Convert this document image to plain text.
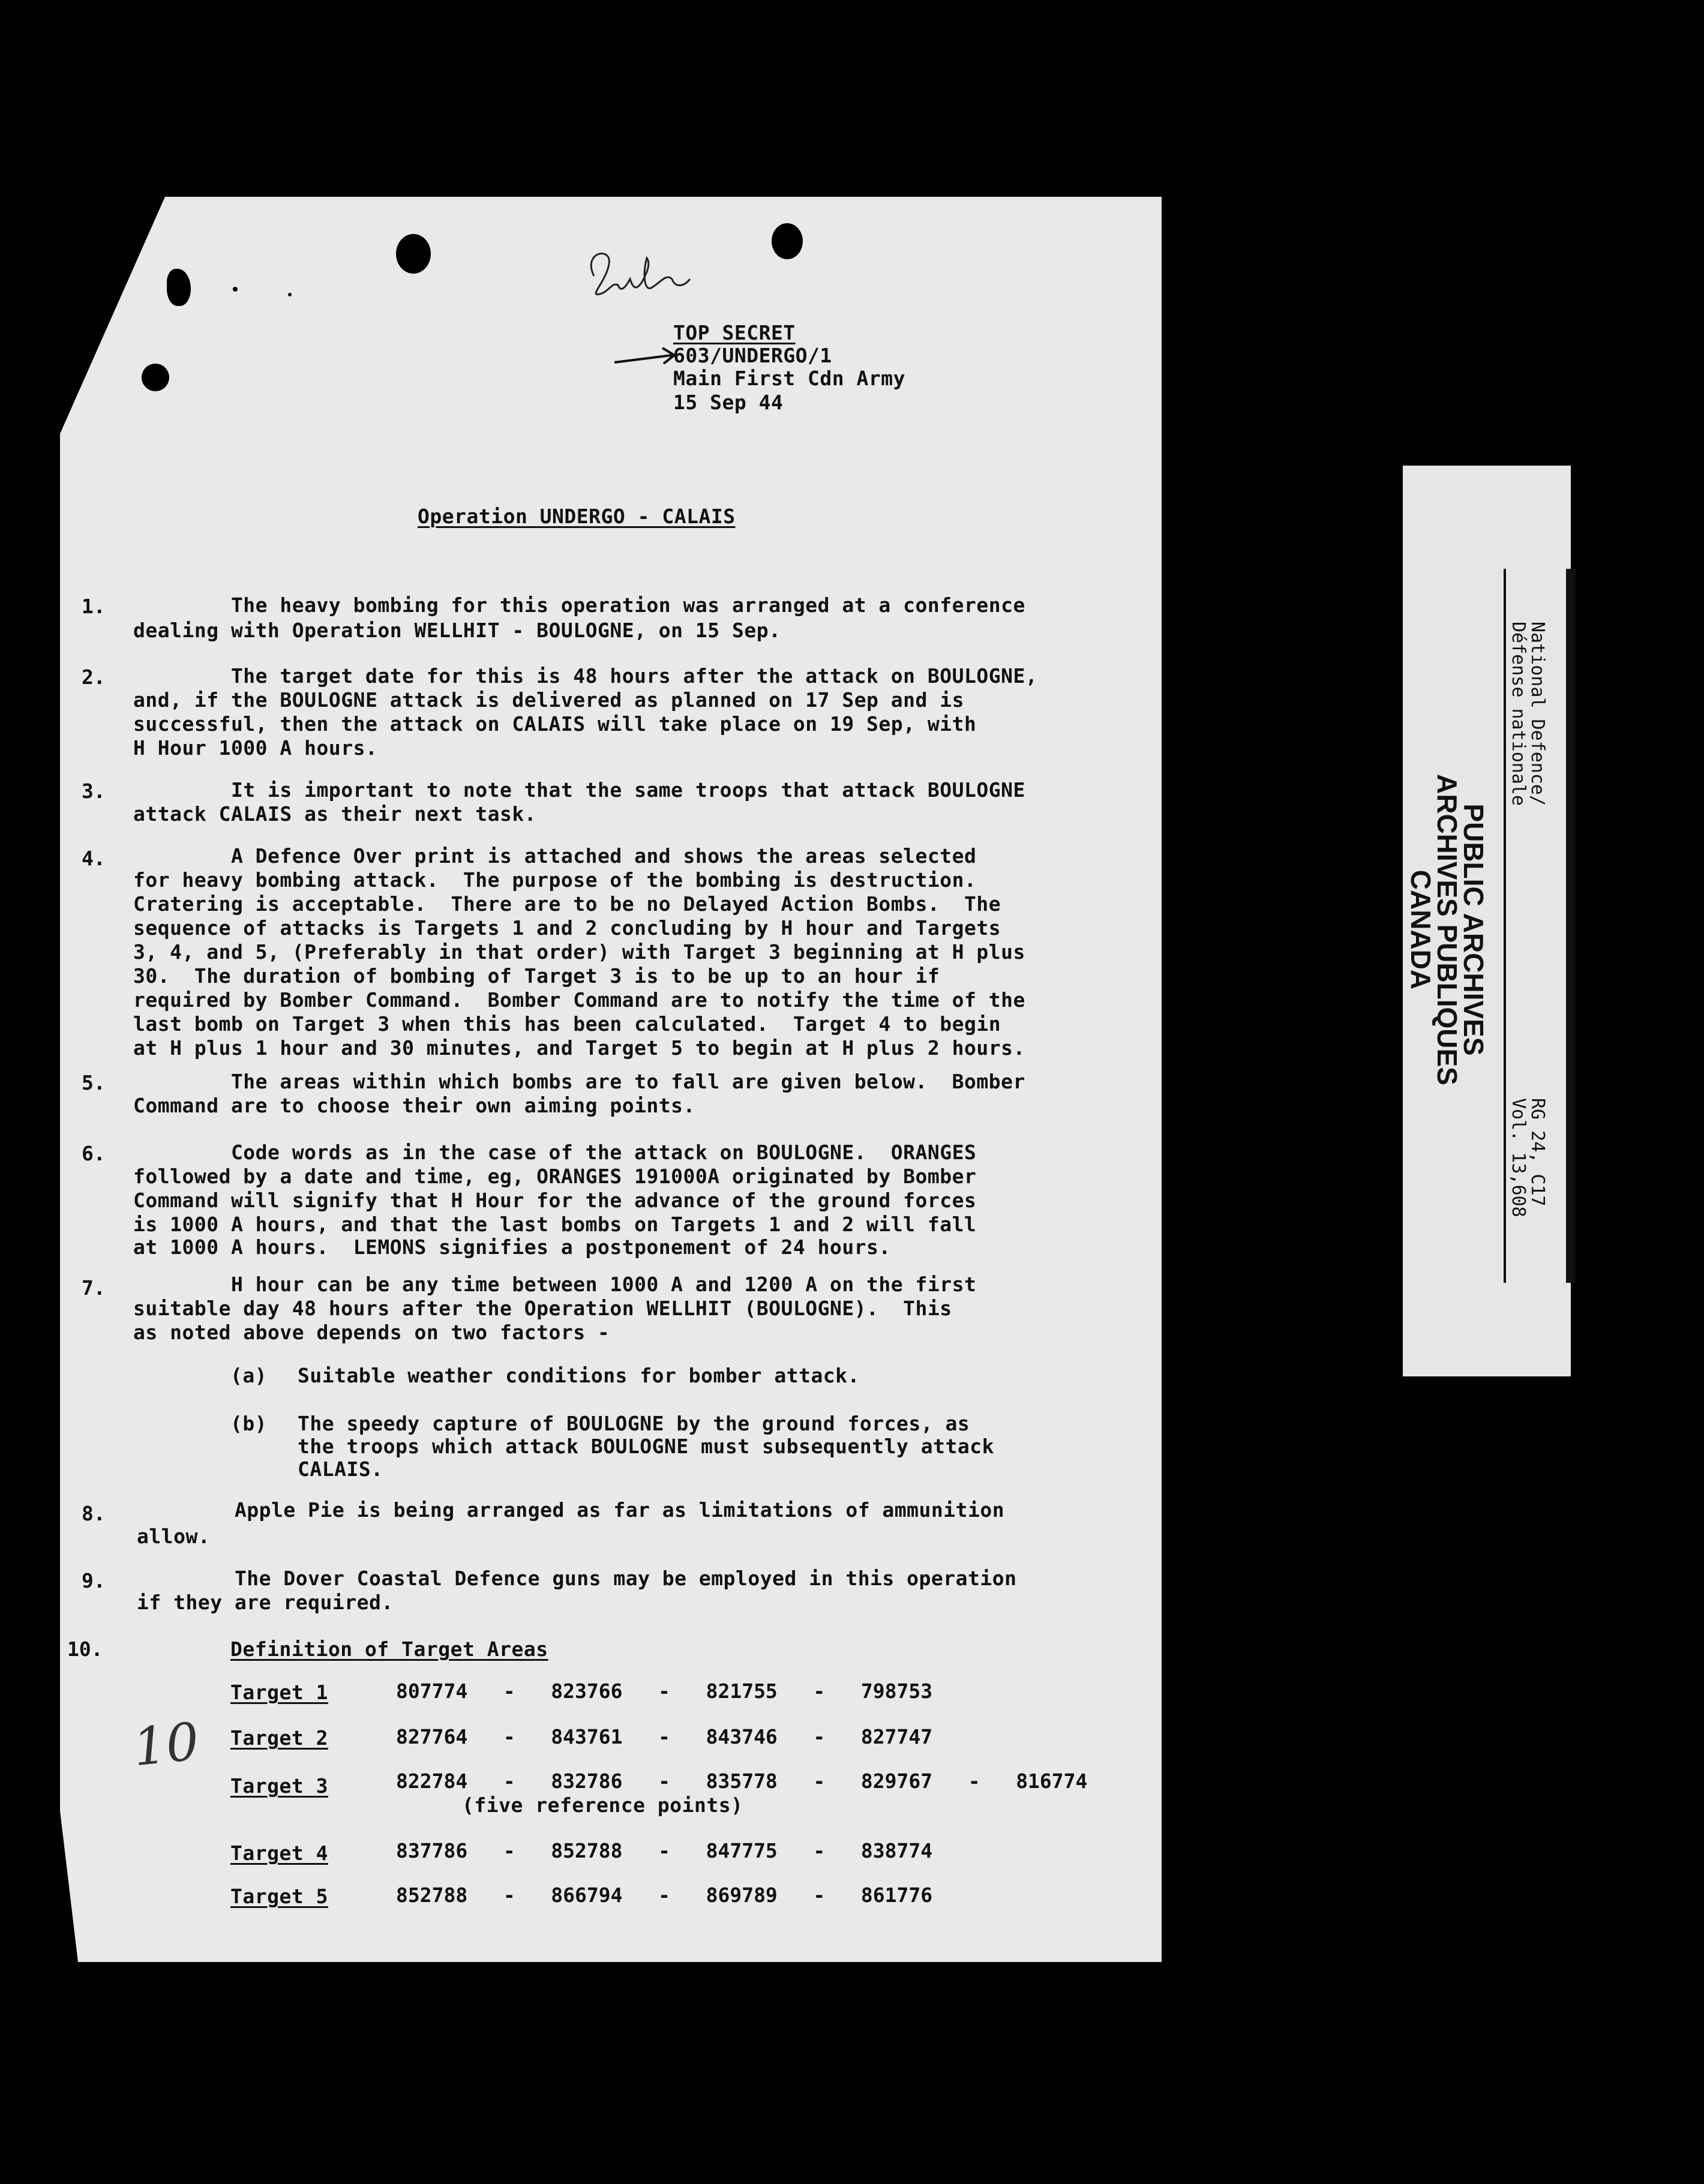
TOP SECRET
603/UNDERGO/1
Main First Cdn Army
15 Sep 44
Operation UNDERGO - CALAIS
1. The heavy bombing for this operation was arranged at a conference
dealing with Operation WELLHIT - BOULOGNE, on 15 Sep.
2. The target date for this is 48 hours after the attack on BOULOGNE,
and, if the BOULOGNE attack is delivered as planned on 17 Sep and is
successful, then the attack on CALAIS will take place on 19 Sep, with
H Hour 1000 A hours.
3. It is important to note that the same troops that attack BOULOGNE
attack CALAIS as their next task.
4. A Defence Over print is attached and shows the areas selected
for heavy bombing attack.  The purpose of the bombing is destruction.
Cratering is acceptable.  There are to be no Delayed Action Bombs.  The
sequence of attacks is Targets 1 and 2 concluding by H hour and Targets
3, 4, and 5, (Preferably in that order) with Target 3 beginning at H plus
30.  The duration of bombing of Target 3 is to be up to an hour if
required by Bomber Command.  Bomber Command are to notify the time of the
last bomb on Target 3 when this has been calculated.  Target 4 to begin
at H plus 1 hour and 30 minutes, and Target 5 to begin at H plus 2 hours.
5. The areas within which bombs are to fall are given below.  Bomber
Command are to choose their own aiming points.
6. Code words as in the case of the attack on BOULOGNE.  ORANGES
followed by a date and time, eg, ORANGES 191000A originated by Bomber
Command will signify that H Hour for the advance of the ground forces
is 1000 A hours, and that the last bombs on Targets 1 and 2 will fall
at 1000 A hours.  LEMONS signifies a postponement of 24 hours.
7. H hour can be any time between 1000 A and 1200 A on the first
suitable day 48 hours after the Operation WELLHIT (BOULOGNE).  This
as noted above depends on two factors -
(a) Suitable weather conditions for bomber attack.
(b) The speedy capture of BOULOGNE by the ground forces, as
the troops which attack BOULOGNE must subsequently attack
CALAIS.
8. Apple Pie is being arranged as far as limitations of ammunition
allow.
9. The Dover Coastal Defence guns may be employed in this operation
if they are required.
10.	Definition of Target Areas
10
Target 1	807774 - 823766 - 821755 - 798753
Target 2	827764 - 843761 - 843746 - 827747
Target 3	822784 - 832786 - 835778 - 829767 - 816774
(five reference points)
Target 4	837786 - 852788 - 847775 - 838774
Target 5	852788 - 866794 - 869789 - 861776
PUBLIC ARCHIVES
ARCHIVES PUBLIQUES
CANADA
National Defence/
Défense nationale
RG 24, C17
Vol. 13,608
